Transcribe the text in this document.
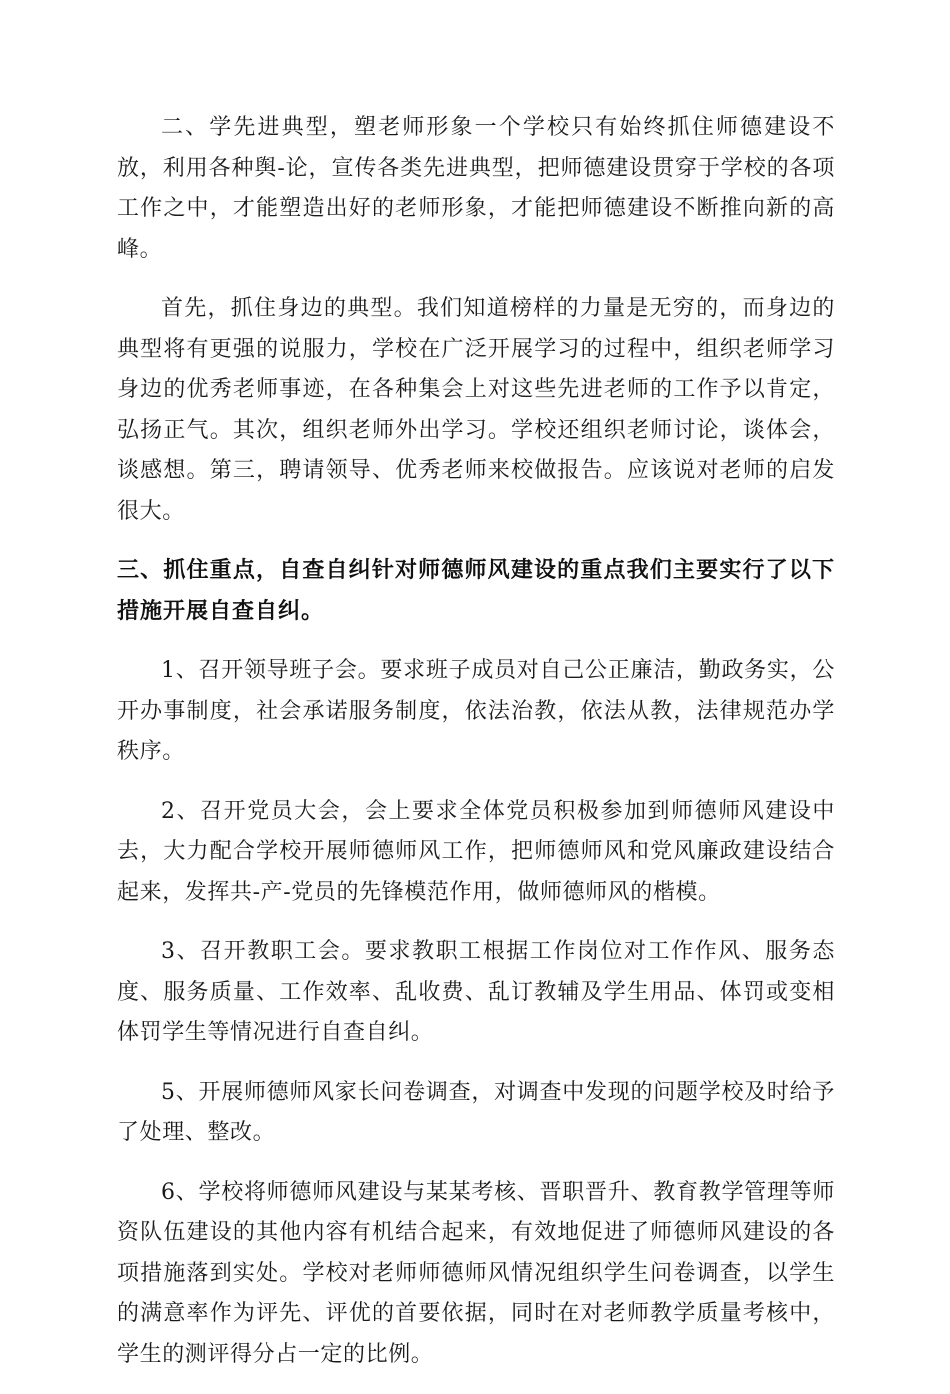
二、学先进典型，塑老师形象一个学校只有始终抓住师德建设不放，利用各种舆-论，宣传各类先进典型，把师德建设贯穿于学校的各项工作之中，才能塑造出好的老师形象，才能把师德建设不断推向新的高峰。

首先，抓住身边的典型。我们知道榜样的力量是无穷的，而身边的典型将有更强的说服力，学校在广泛开展学习的过程中，组织老师学习身边的优秀老师事迹，在各种集会上对这些先进老师的工作予以肯定，弘扬正气。其次，组织老师外出学习。学校还组织老师讨论，谈体会，谈感想。第三，聘请领导、优秀老师来校做报告。应该说对老师的启发很大。

三、抓住重点，自查自纠针对师德师风建设的重点我们主要实行了以下措施开展自查自纠。

1、召开领导班子会。要求班子成员对自己公正廉洁，勤政务实，公开办事制度，社会承诺服务制度，依法治教，依法从教，法律规范办学秩序。

2、召开党员大会，会上要求全体党员积极参加到师德师风建设中去，大力配合学校开展师德师风工作，把师德师风和党风廉政建设结合起来，发挥共-产-党员的先锋模范作用，做师德师风的楷模。

3、召开教职工会。要求教职工根据工作岗位对工作作风、服务态度、服务质量、工作效率、乱收费、乱订教辅及学生用品、体罚或变相体罚学生等情况进行自查自纠。

5、开展师德师风家长问卷调查，对调查中发现的问题学校及时给予了处理、整改。

6、学校将师德师风建设与某某考核、晋职晋升、教育教学管理等师资队伍建设的其他内容有机结合起来，有效地促进了师德师风建设的各项措施落到实处。学校对老师师德师风情况组织学生问卷调查，以学生的满意率作为评先、评优的首要依据，同时在对老师教学质量考核中，学生的测评得分占一定的比例。
